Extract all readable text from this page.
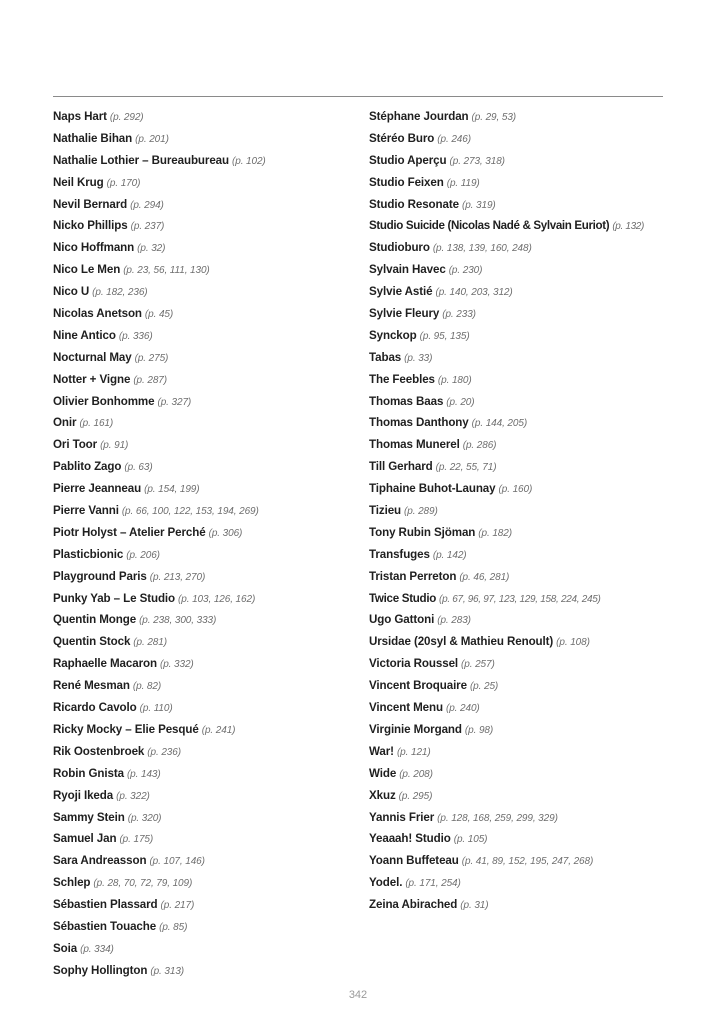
Naps Hart (p. 292)
Nathalie Bihan (p. 201)
Nathalie Lothier – Bureaubureau (p. 102)
Neil Krug (p. 170)
Nevil Bernard (p. 294)
Nicko Phillips (p. 237)
Nico Hoffmann (p. 32)
Nico Le Men (p. 23, 56, 111, 130)
Nico U (p. 182, 236)
Nicolas Anetson (p. 45)
Nine Antico (p. 336)
Nocturnal May (p. 275)
Notter + Vigne (p. 287)
Olivier Bonhomme (p. 327)
Onir (p. 161)
Ori Toor (p. 91)
Pablito Zago (p. 63)
Pierre Jeanneau (p. 154, 199)
Pierre Vanni (p. 66, 100, 122, 153, 194, 269)
Piotr Holyst – Atelier Perché (p. 306)
Plasticbionic (p. 206)
Playground Paris (p. 213, 270)
Punky Yab – Le Studio (p. 103, 126, 162)
Quentin Monge (p. 238, 300, 333)
Quentin Stock (p. 281)
Raphaelle Macaron (p. 332)
René Mesman (p. 82)
Ricardo Cavolo (p. 110)
Ricky Mocky – Elie Pesqué (p. 241)
Rik Oostenbroek (p. 236)
Robin Gnista (p. 143)
Ryoji Ikeda (p. 322)
Sammy Stein (p. 320)
Samuel Jan (p. 175)
Sara Andreasson (p. 107, 146)
Schlep (p. 28, 70, 72, 79, 109)
Sébastien Plassard (p. 217)
Sébastien Touache (p. 85)
Soia (p. 334)
Sophy Hollington (p. 313)
Stéphane Jourdan (p. 29, 53)
Stéréo Buro (p. 246)
Studio Aperçu (p. 273, 318)
Studio Feixen (p. 119)
Studio Resonate (p. 319)
Studio Suicide (Nicolas Nadé & Sylvain Euriot) (p. 132)
Studioburo (p. 138, 139, 160, 248)
Sylvain Havec (p. 230)
Sylvie Astié (p. 140, 203, 312)
Sylvie Fleury (p. 233)
Synckop (p. 95, 135)
Tabas (p. 33)
The Feebles (p. 180)
Thomas Baas (p. 20)
Thomas Danthony (p. 144, 205)
Thomas Munerel (p. 286)
Till Gerhard (p. 22, 55, 71)
Tiphaine Buhot-Launay (p. 160)
Tizieu (p. 289)
Tony Rubin Sjöman (p. 182)
Transfuges (p. 142)
Tristan Perreton (p. 46, 281)
Twice Studio (p. 67, 96, 97, 123, 129, 158, 224, 245)
Ugo Gattoni (p. 283)
Ursidae (20syl & Mathieu Renoult) (p. 108)
Victoria Roussel (p. 257)
Vincent Broquaire (p. 25)
Vincent Menu (p. 240)
Virginie Morgand (p. 98)
War! (p. 121)
Wide (p. 208)
Xkuz (p. 295)
Yannis Frier (p. 128, 168, 259, 299, 329)
Yeaaah! Studio (p. 105)
Yoann Buffeteau (p. 41, 89, 152, 195, 247, 268)
Yodel. (p. 171, 254)
Zeina Abirached (p. 31)
342
